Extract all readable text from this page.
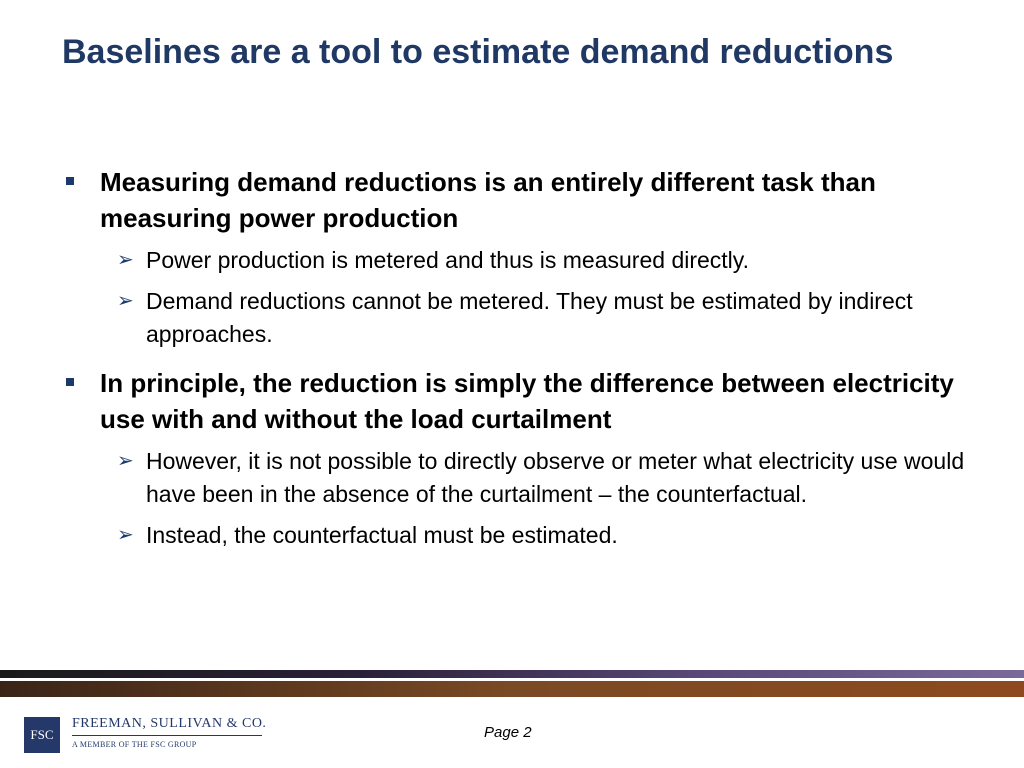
Baselines are a tool to estimate demand reductions
Measuring demand reductions is an entirely different task than measuring power production
➢ Power production is metered and thus is measured directly.
➢ Demand reductions cannot be metered. They must be estimated by indirect approaches.
In principle, the reduction is simply the difference between electricity use with and without the load curtailment
➢ However, it is not possible to directly observe or meter what electricity use would have been in the absence of the curtailment – the counterfactual.
➢ Instead, the counterfactual must be estimated.
FSC
FREEMAN, SULLIVAN & CO.
A MEMBER OF THE FSC GROUP
Page 2
